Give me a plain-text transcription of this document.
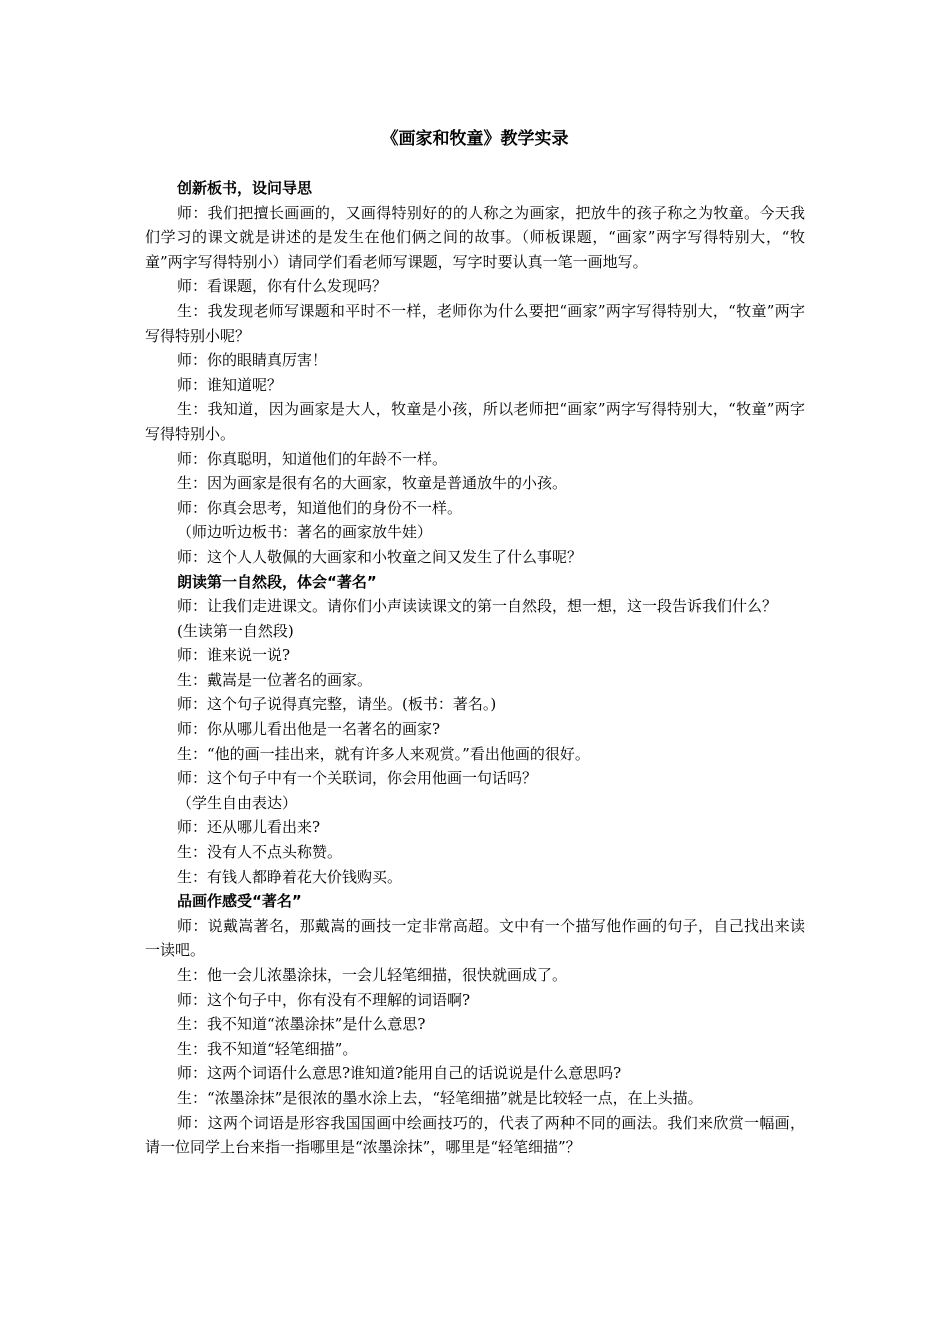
《画家和牧童》教学实录

创新板书，设问导思

师：我们把擅长画画的，又画得特别好的的人称之为画家，把放牛的孩子称之为牧童。今天我们学习的课文就是讲述的是发生在他们俩之间的故事。（师板课题，“画家”两字写得特别大，“牧童”两字写得特别小）请同学们看老师写课题，写字时要认真一笔一画地写。

师：看课题，你有什么发现吗？

生：我发现老师写课题和平时不一样，老师你为什么要把“画家”两字写得特别大，“牧童”两字写得特别小呢？

师：你的眼睛真厉害！

师：谁知道呢？

生：我知道，因为画家是大人，牧童是小孩，所以老师把“画家”两字写得特别大，“牧童”两字写得特别小。

师：你真聪明，知道他们的年龄不一样。

生：因为画家是很有名的大画家，牧童是普通放牛的小孩。

师：你真会思考，知道他们的身份不一样。

（师边听边板书：著名的画家放牛娃）

师：这个人人敬佩的大画家和小牧童之间又发生了什么事呢？

朗读第一自然段，体会“著名”

师：让我们走进课文。请你们小声读读课文的第一自然段，想一想，这一段告诉我们什么？

(生读第一自然段)

师：谁来说一说?

生：戴嵩是一位著名的画家。

师：这个句子说得真完整，请坐。(板书：著名。)

师：你从哪儿看出他是一名著名的画家?

生：“他的画一挂出来，就有许多人来观赏。”看出他画的很好。

师：这个句子中有一个关联词，你会用他画一句话吗？

（学生自由表达）

师：还从哪儿看出来?

生：没有人不点头称赞。

生：有钱人都睁着花大价钱购买。

品画作感受“著名”

师：说戴嵩著名，那戴嵩的画技一定非常高超。文中有一个描写他作画的句子，自己找出来读一读吧。

生：他一会儿浓墨涂抹，一会儿轻笔细描，很快就画成了。

师：这个句子中，你有没有不理解的词语啊?

生：我不知道“浓墨涂抹”是什么意思?

生：我不知道“轻笔细描”。

师：这两个词语什么意思?谁知道?能用自己的话说说是什么意思吗?

生：“浓墨涂抹”是很浓的墨水涂上去，“轻笔细描”就是比较轻一点，在上头描。

师：这两个词语是形容我国国画中绘画技巧的，代表了两种不同的画法。我们来欣赏一幅画，请一位同学上台来指一指哪里是“浓墨涂抹”，哪里是“轻笔细描”？
